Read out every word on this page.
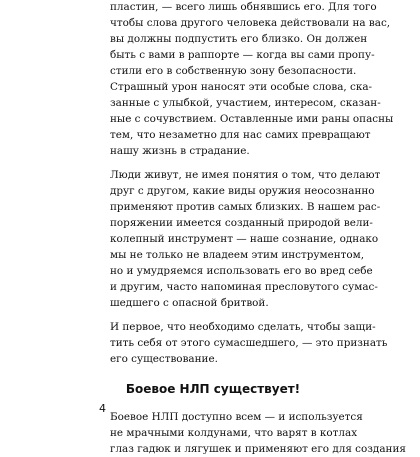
пластин, — всего лишь обнявшись его. Для того
чтобы слова другого человека действовали на вас,
вы должны подпустить его близко. Он должен
быть с вами в раппорте — когда вы сами пропу-
стили его в собственную зону безопасности.
Страшный урон наносят эти особые слова, ска-
занные с улыбкой, участием, интересом, сказан-
ные с сочувствием. Оставленные ими раны опасны
тем, что незаметно для нас самих превращают
нашу жизнь в страдание.
Люди живут, не имея понятия о том, что делают
друг с другом, какие виды оружия неосознанно
применяют против самых близких. В нашем рас-
поряжении имеется созданный природой вели-
колепный инструмент — наше сознание, однако
мы не только не владеем этим инструментом,
но и умудряемся использовать его во вред себе
и другим, часто напоминая пресловутого сумас-
шедшего с опасной бритвой.
И первое, что необходимо сделать, чтобы защи-
тить себя от этого сумасшедшего, — это признать
его существование.
Боевое НЛП существует!
Боевое НЛП доступно всем — и используется
не мрачными колдунами, что варят в котлах
глаз гадюк и лягушек и применяют его для создания
4
